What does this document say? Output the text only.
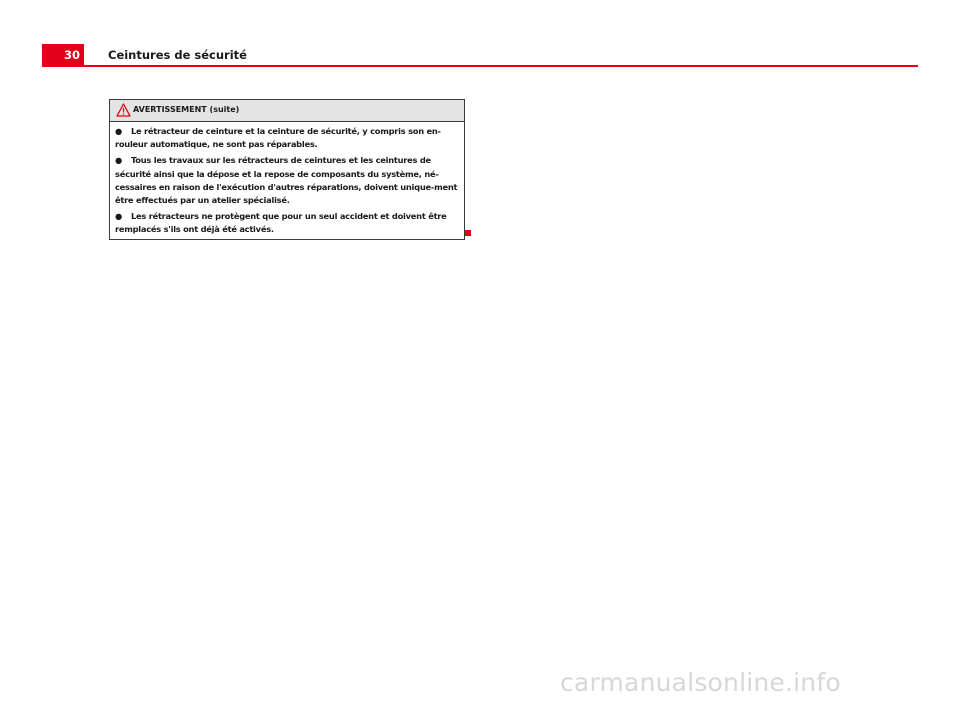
30	Ceintures de sécurité
AVERTISSEMENT (suite)

● Le rétracteur de ceinture et la ceinture de sécurité, y compris son en-rouleur automatique, ne sont pas réparables.

● Tous les travaux sur les rétracteurs de ceintures et les ceintures de sécurité ainsi que la dépose et la repose de composants du système, né-cessaires en raison de l'exécution d'autres réparations, doivent unique-ment être effectués par un atelier spécialisé.

● Les rétracteurs ne protègent que pour un seul accident et doivent être remplacés s'ils ont déjà été activés.

carmanualsonline.info
